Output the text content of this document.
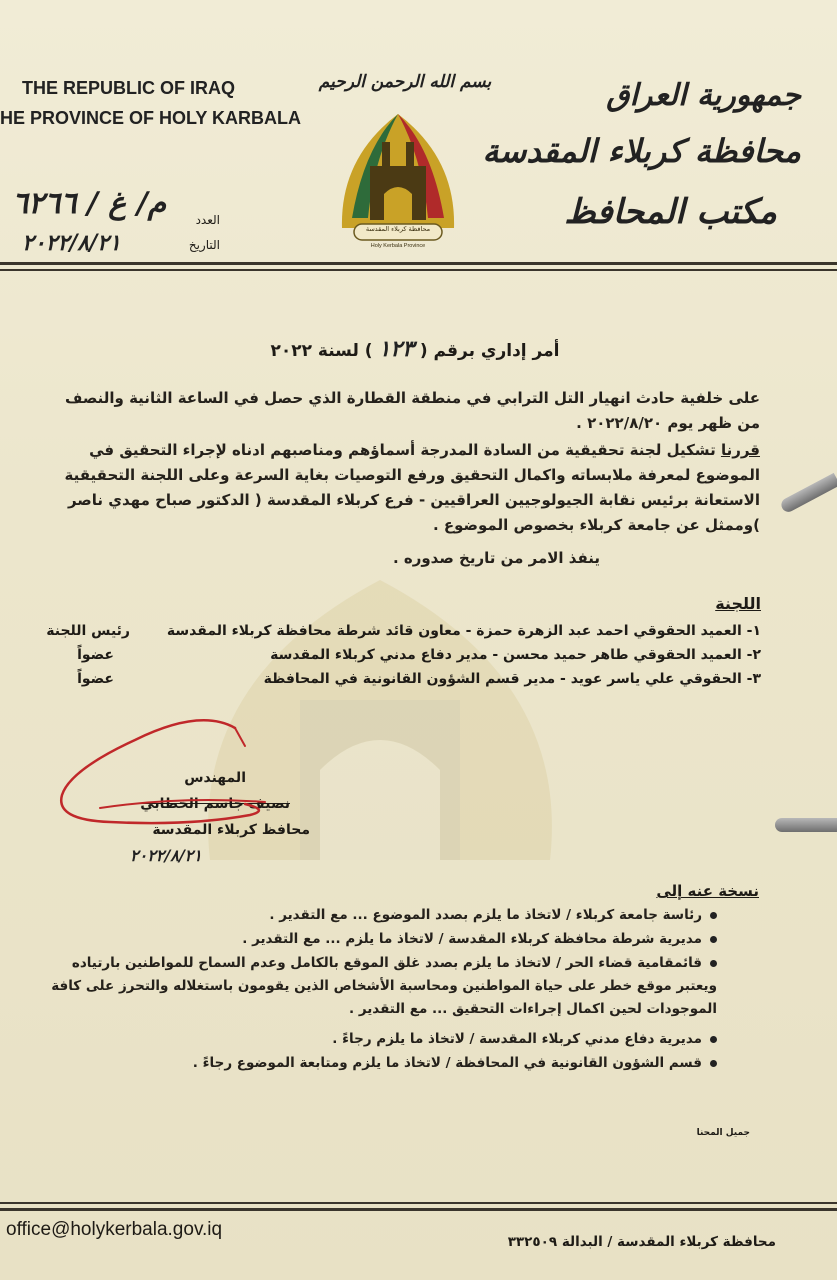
THE REPUBLIC OF IRAQ
HE PROVINCE OF HOLY KARBALA
بسم الله الرحمن الرحيم
محافظة كربلاء المقدسة
Holy Kerbala Province
جمهورية العراق
محافظة كربلاء المقدسة
مكتب المحافظ
م/ غ / ٦٢٦٦	العدد
٢٠٢٢/٨/٢١	التاريخ
أمر إداري برقم ( ١٢٣ ) لسنة ٢٠٢٢
على خلفية حادث انهيار التل الترابي في منطقة القطارة الذي حصل في الساعة الثانية والنصف من ظهر يوم ٢٠٢٢/٨/٢٠ .
قررنا تشكيل لجنة تحقيقية من السادة المدرجة أسماؤهم ومناصبهم ادناه لإجراء التحقيق في الموضوع لمعرفة ملابساته واكمال التحقيق ورفع التوصيات بغاية السرعة وعلى اللجنة التحقيقية الاستعانة برئيس نقابة الجيولوجيين العراقيين - فرع كربلاء المقدسة ( الدكتور صباح مهدي ناصر )وممثل عن جامعة كربلاء بخصوص الموضوع .
ينفذ الامر من تاريخ صدوره .
اللجنة
١- العميد الحقوقي احمد عبد الزهرة حمزة - معاون قائد شرطة محافظة كربلاء المقدسة
رئيس اللجنة
٢- العميد الحقوقي طاهر حميد محسن - مدير دفاع مدني كربلاء المقدسة
عضواً
٣- الحقوقي علي ياسر عويد - مدير قسم الشؤون القانونية في المحافظة
عضواً
المهندس
نصيف جاسم الخطابي
محافظ كربلاء المقدسة
٢٠٢٢/٨/٢١
نسخة عنه إلى
رئاسة جامعة كربلاء / لاتخاذ ما يلزم بصدد الموضوع ... مع التقدير .
مديرية شرطة محافظة كربلاء المقدسة / لاتخاذ ما يلزم ... مع التقدير .
قائمقامية قضاء الحر / لاتخاذ ما يلزم بصدد غلق الموقع بالكامل وعدم السماح للمواطنين بارتياده ويعتبر موقع خطر على حياة المواطنين ومحاسبة الأشخاص الذين يقومون باستغلاله والتحرز على كافة الموجودات لحين اكمال إجراءات التحقيق ... مع التقدير .
مديرية دفاع مدني كربلاء المقدسة / لاتخاذ ما يلزم رجاءً .
قسم الشؤون القانونية في المحافظة / لاتخاذ ما يلزم ومتابعة الموضوع رجاءً .
جميل المحنا
office@holykerbala.gov.iq
محافظة كربلاء المقدسة / البدالة ٣٣٢٥٠٩
